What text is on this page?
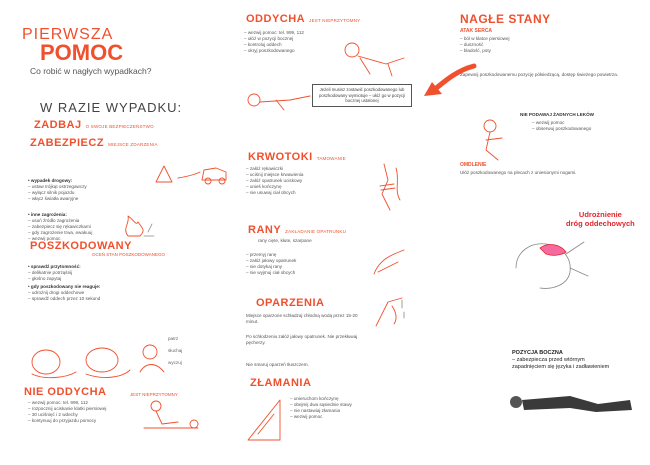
PIERWSZA
POMOC
Co robić w nagłych wypadkach?
W RAZIE WYPADKU:
ZADBAJ O SWOJE BEZPIECZEŃSTWO
ZABEZPIECZ MIEJSCE ZDARZENIA
• wypadek drogowy:
– ustaw trójkąt ostrzegawczy
– wyłącz silnik pojazdu
– włącz światła awaryjne
• inne zagrożenia:
– usuń źródło zagrożenia
– zabezpiecz się rękawiczkami
– gdy zagrożenie trwa, ewakuuj
– wezwij pomoc
POSZKODOWANY
OCEŃ STAN POSZKODOWANEGO
• sprawdź przytomność:
– delikatnie potrząśnij
– głośno zapytaj
• gdy poszkodowany nie reaguje:
– udrożnij drogi oddechowe
– sprawdź oddech przez 10 sekund
patrz
słuchaj
wyczuj
NIE ODDYCHA	JEST NIEPRZYTOMNY
– wezwij pomoc: tel. 999, 112
– rozpocznij uciskanie klatki piersiowej
– 30 uciśnięć i 2 wdechy
– kontynuuj do przyjazdu pomocy
ODDYCHA JEST NIEPRZYTOMNY
– wezwij pomoc: tel. 999, 112
– ułóż w pozycji bocznej
– kontroluj oddech
– okryj poszkodowanego
Jeżeli musisz zostawić poszkodowanego lub poszkodowany wymiotuje – ułóż go w pozycji bocznej ustalonej
KRWOTOKI TAMOWANIE
– załóż rękawiczki
– uciśnij miejsce krwawienia
– załóż opatrunek uciskowy
– unieś kończynę
– nie usuwaj ciał obcych
RANY ZAKŁADANIE OPATRUNKU
rany cięte, kłute, szarpane
– przemyj ranę
– załóż jałowy opatrunek
– nie dotykaj rany
– nie wyjmuj ciał obcych
OPARZENIA
Miejsce oparzone schładzaj chłodną wodą przez 15-20 minut.
Po schłodzeniu załóż jałowy opatrunek. Nie przekłuwaj pęcherzy.
Nie smaruj oparzeń tłuszczem.
ZŁAMANIA
– unieruchom kończynę
– obejmij dwa sąsiednie stawy
– nie nastawiaj złamania
– wezwij pomoc
NAGŁE STANY
ATAK SERCA
– ból w klatce piersiowej
– duszność
– bladość, poty
Zapewnij poszkodowanemu pozycję półsiedzącą, dostęp świeżego powietrza.
NIE PODAWAJ ŻADNYCH LEKÓW
– wezwij pomoc
– obserwuj poszkodowanego
OMDLENIE
Ułóż poszkodowanego na plecach z uniesionymi nogami.
Udrożnienie
dróg oddechowych
POZYCJA BOCZNA
– zabezpiecza przed wtórnym
zapadnięciem się języka i zadławieniem
